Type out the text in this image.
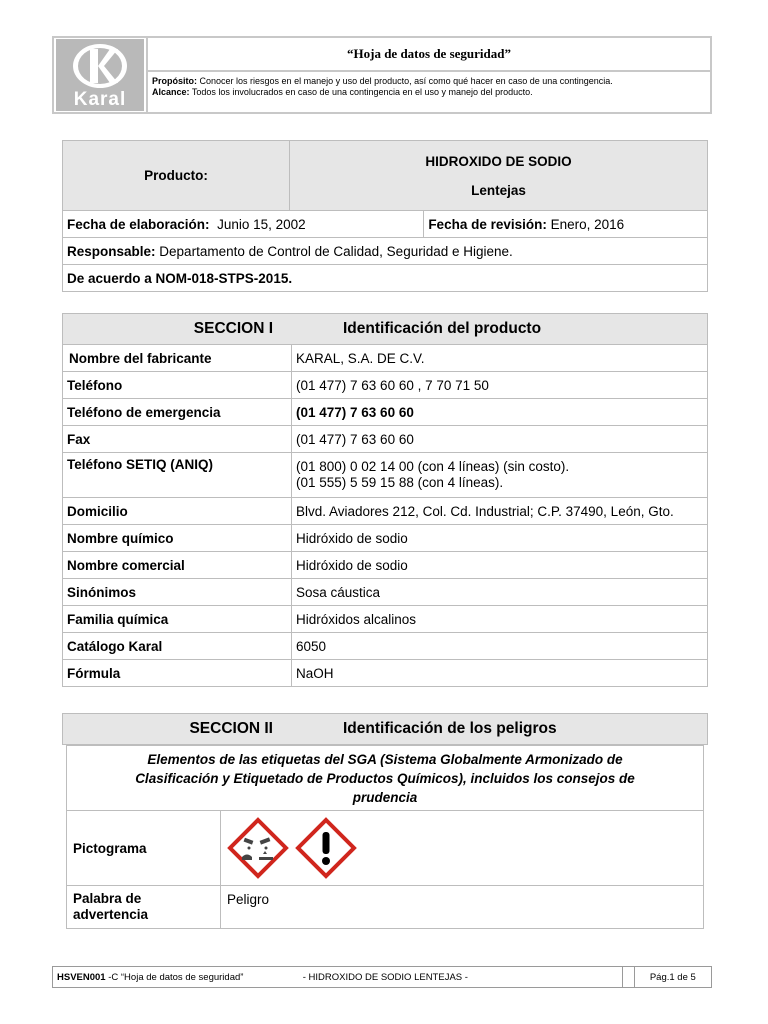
Karal
	“Hoja de datos de seguridad”

Propósito: Conocer los riesgos en el manejo y uso del producto, así como qué hacer en caso de una contingencia.
Alcance: Todos los involucrados en caso de una contingencia en el uso y manejo del producto.
Producto:	HIDROXIDO DE SODIO
Lentejas	

Fecha de elaboración: Junio 15, 2002		Fecha de revisión: Enero, 2016
Responsable: Departamento de Control de Calidad, Seguridad e Higiene.		
De acuerdo a NOM-018-STPS-2015.		
SECCION I Identificación del producto	

Nombre del fabricante	KARAL, S.A. DE C.V.
Teléfono	(01 477) 7 63 60 60 , 7 70 71 50
Teléfono de emergencia	(01 477) 7 63 60 60
Fax	(01 477) 7 63 60 60
Teléfono SETIQ (ANIQ)	(01 800) 0 02 14 00 (con 4 líneas) (sin costo).
(01 555) 5 59 15 88 (con 4 líneas).

Domicilio	Blvd. Aviadores 212, Col. Cd. Industrial; C.P. 37490, León, Gto.
Nombre químico	Hidróxido de sodio
Nombre comercial	Hidróxido de sodio
Sinónimos	Sosa cáustica
Familia química	Hidróxidos alcalinos
Catálogo Karal	6050
Fórmula	NaOH
SECCION II	Identificación de los peligros
Elementos de las etiquetas del SGA (Sistema Globalmente Armonizado de
Clasificación y Etiquetado de Productos Químicos), incluidos los consejos de
prudencia	

Pictograma	

Palabra de
advertencia	Peligro
HSVEN001 -C “Hoja de datos de seguridad”	- HIDROXIDO DE SODIO LENTEJAS -		Pág.1 de 5
